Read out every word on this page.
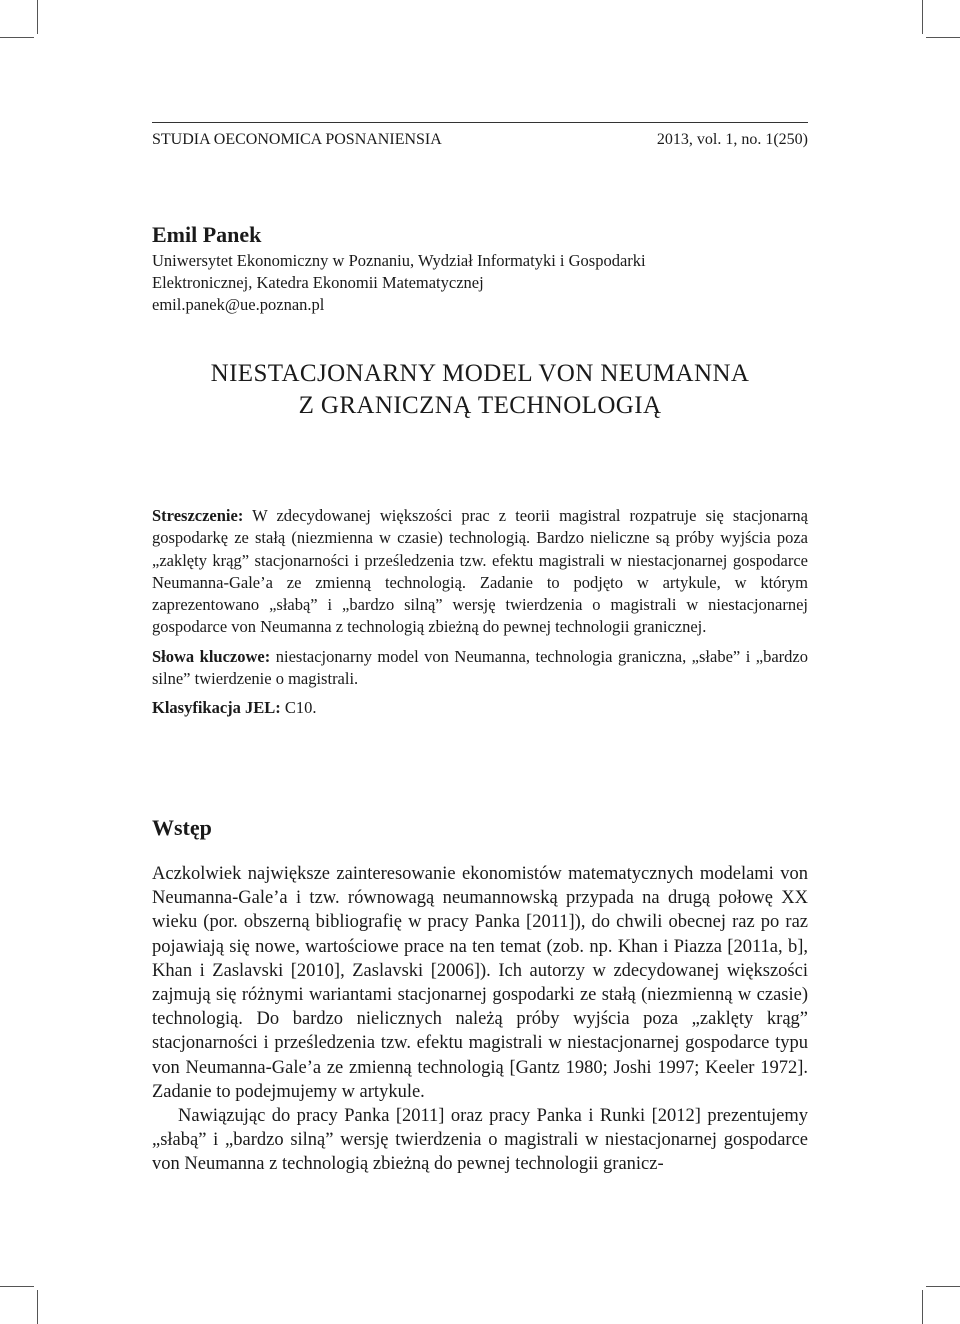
STUDIA OECONOMICA POSNANIENSIA	2013, vol. 1, no. 1(250)
Emil Panek
Uniwersytet Ekonomiczny w Poznaniu, Wydział Informatyki i Gospodarki
Elektronicznej, Katedra Ekonomii Matematycznej
emil.panek@ue.poznan.pl
NIESTACJONARNY MODEL VON NEUMANNA
Z GRANICZNĄ TECHNOLOGIĄ

Streszczenie: W zdecydowanej większości prac z teorii magistral rozpatruje się stacjonarną gospodarkę ze stałą (niezmienna w czasie) technologią. Bardzo nieliczne są próby wyjścia poza „zaklęty krąg” stacjonarności i prześledzenia tzw. efektu magistrali w niestacjonarnej gospodarce Neumanna-Gale’a ze zmienną technologią. Zadanie to podjęto w artykule, w którym zaprezentowano „słabą” i „bardzo silną” wersję twierdzenia o magistrali w niestacjonarnej gospodarce von Neumanna z technologią zbieżną do pewnej technologii granicznej.

Słowa kluczowe: niestacjonarny model von Neumanna, technologia graniczna, „słabe” i „bardzo silne” twierdzenie o magistrali.

Klasyfikacja JEL: C10.

Wstęp

Aczkolwiek największe zainteresowanie ekonomistów matematycznych modelami von Neumanna-Gale’a i tzw. równowagą neumannowską przypada na drugą połowę XX wieku (por. obszerną bibliografię w pracy Panka [2011]), do chwili obecnej raz po raz pojawiają się nowe, wartościowe prace na ten temat (zob. np. Khan i Piazza [2011a, b], Khan i Zaslavski [2010], Zaslavski [2006]). Ich autorzy w zdecydowanej większości zajmują się różnymi wariantami stacjonarnej gospodarki ze stałą (niezmienną w czasie) technologią. Do bardzo nielicznych należą próby wyjścia poza „zaklęty krąg” stacjonarności i prześledzenia tzw. efektu magistrali w niestacjonarnej gospodarce typu von Neumanna-Gale’a ze zmienną technologią [Gantz 1980; Joshi 1997; Keeler 1972]. Zadanie to podejmujemy w artykule.

Nawiązując do pracy Panka [2011] oraz pracy Panka i Runki [2012] prezentujemy „słabą” i „bardzo silną” wersję twierdzenia o magistrali w niestacjonarnej gospodarce von Neumanna z technologią zbieżną do pewnej technologii granicz-
